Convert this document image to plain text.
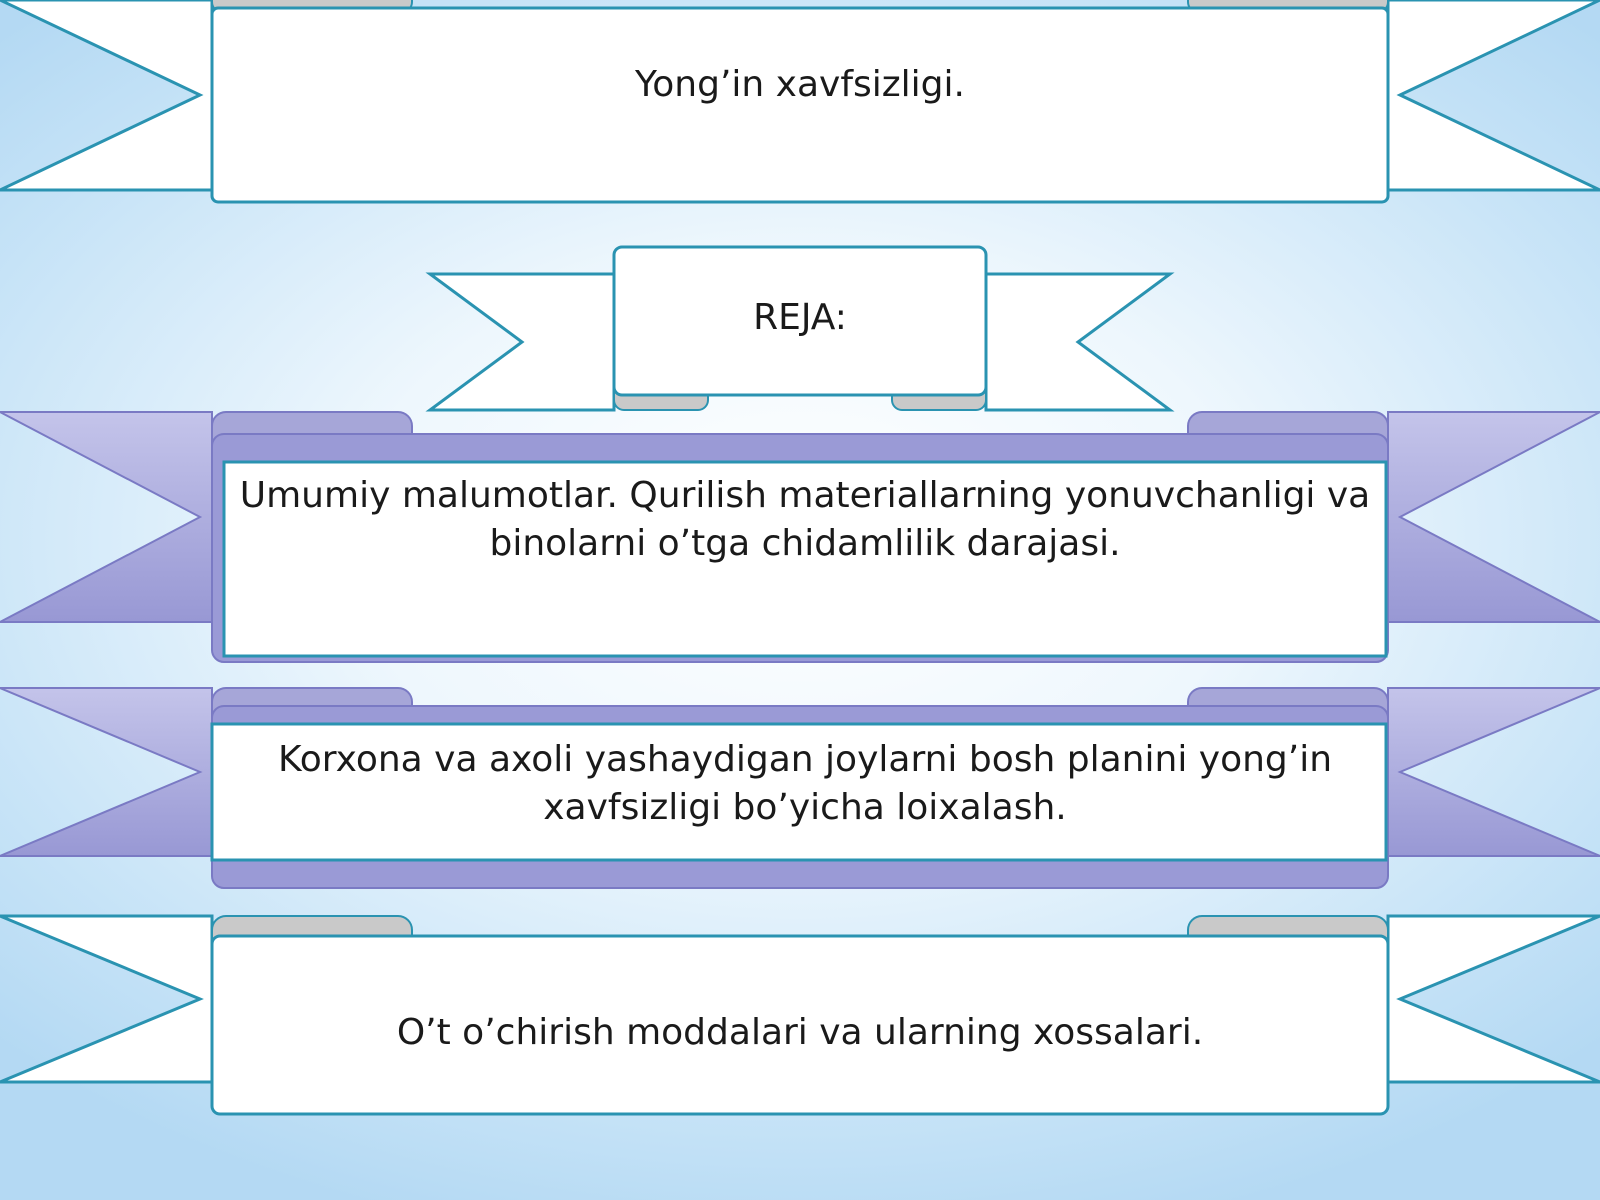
Yong’in xavfsizligi.
REJA:
Umumiy malumotlar. Qurilish materiallarning yonuvchanligi va binolarni o’tga chidamlilik darajasi.
Korxona va axoli yashaydigan joylarni bosh planini yong’in xavfsizligi bo’yicha loixalash.
O’t o’chirish moddalari va ularning xossalari.
